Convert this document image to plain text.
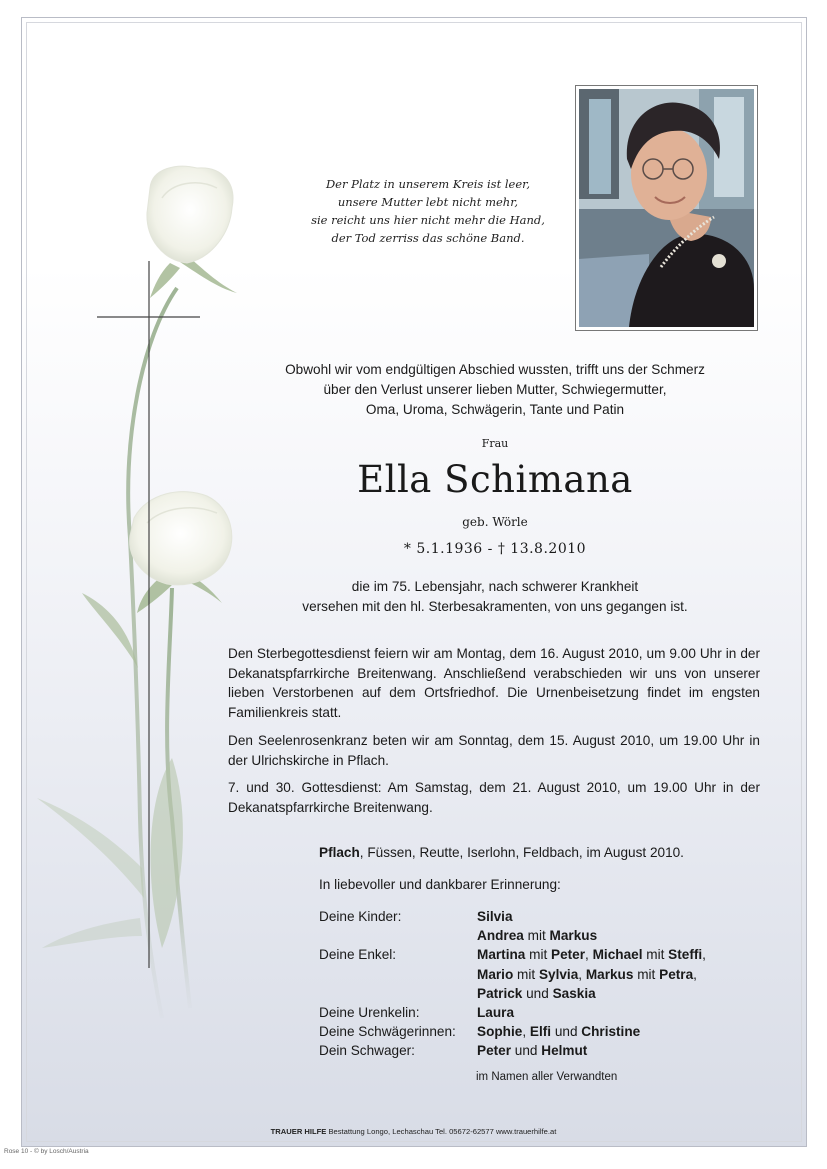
Der Platz in unserem Kreis ist leer,
unsere Mutter lebt nicht mehr,
sie reicht uns hier nicht mehr die Hand,
der Tod zerriss das schöne Band.
Obwohl wir vom endgültigen Abschied wussten, trifft uns der Schmerz
über den Verlust unserer lieben Mutter, Schwiegermutter,
Oma, Uroma, Schwägerin, Tante und Patin
Frau
Ella Schimana
geb. Wörle
* 5.1.1936 - † 13.8.2010
die im 75. Lebensjahr, nach schwerer Krankheit
versehen mit den hl. Sterbesakramenten, von uns gegangen ist.
Den Sterbegottesdienst feiern wir am Montag, dem 16. August 2010, um 9.00 Uhr in der Dekanatspfarrkirche Breitenwang. Anschließend verabschieden wir uns von unserer lieben Verstorbenen auf dem Ortsfriedhof. Die Urnenbeisetzung findet im engsten Familienkreis statt.
Den Seelenrosenkranz beten wir am Sonntag, dem 15. August 2010, um 19.00 Uhr in der Ulrichskirche in Pflach.
7. und 30. Gottesdienst: Am Samstag, dem 21. August 2010, um 19.00 Uhr in der Dekanatspfarrkirche Breitenwang.
Pflach, Füssen, Reutte, Iserlohn, Feldbach, im August 2010.
In liebevoller und dankbarer Erinnerung:
Deine Kinder:	Silvia
Andrea mit Markus
Deine Enkel:	Martina mit Peter, Michael mit Steffi,
Mario mit Sylvia, Markus mit Petra,
Patrick und Saskia
Deine Urenkelin:	Laura
Deine Schwägerinnen:	Sophie, Elfi und Christine
Dein Schwager:	Peter und Helmut
im Namen aller Verwandten
TRAUER HILFE Bestattung Longo, Lechaschau Tel. 05672-62577 www.trauerhilfe.at
Rose 10 - © by Losch/Austria
